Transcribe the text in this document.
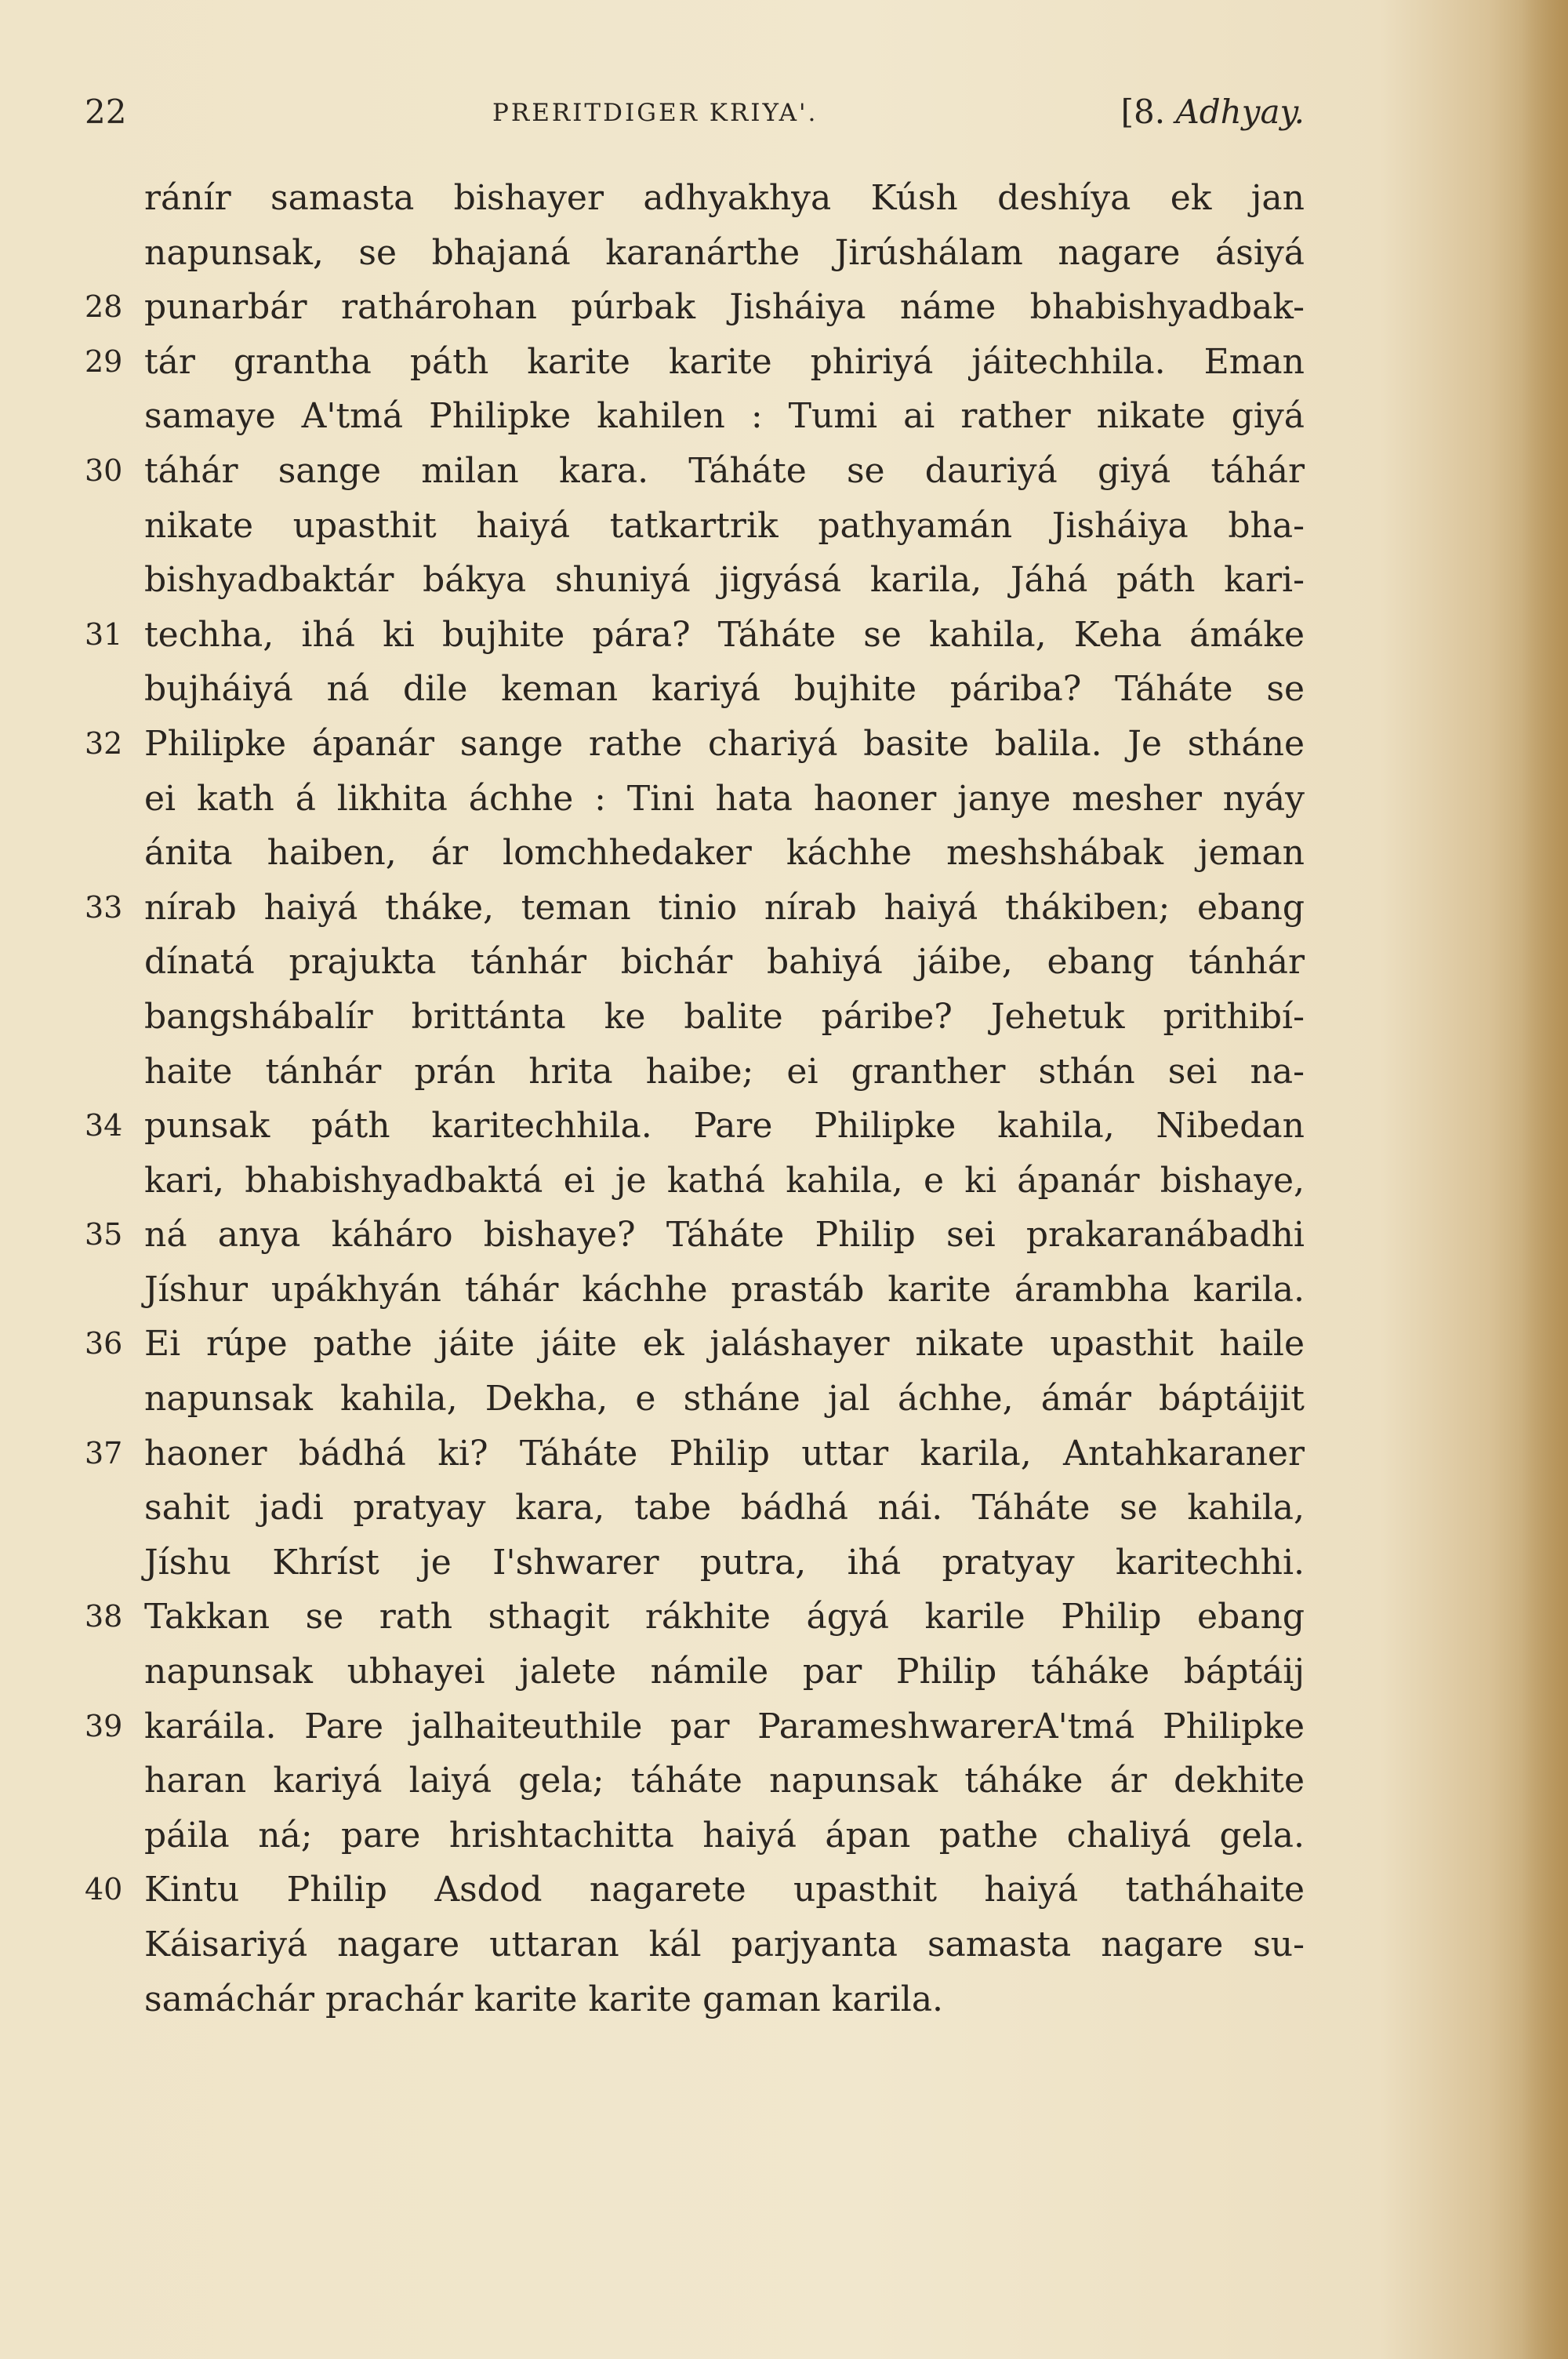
22	PRERITDIGER KRIYA'.	[8. Adhyay.
ránír samasta bishayer adhyakhya Kúsh deshíya ek jan
napunsak, se bhajaná karanárthe Jirúshálam nagare ásiyá
28 punarbár rathárohan púrbak Jisháiya náme bhabishyadbak-
29 tár grantha páth karite karite phiriyá jáitechhila. Eman
samaye A'tmá Philipke kahilen : Tumi ai rather nikate giyá
30 táhár sange milan kara. Táháte se dauriyá giyá táhár
nikate upasthit haiyá tatkartrik pathyamán Jisháiya bha-
bishyadbaktár bákya shuniyá jigyásá karila, Jáhá páth kari-
31 techha, ihá ki bujhite pára? Táháte se kahila, Keha ámáke
bujháiyá ná dile keman kariyá bujhite páriba? Táháte se
32 Philipke ápanár sange rathe chariyá basite balila. Je stháne
ei kath á likhita áchhe : Tini hata haoner janye mesher nyáy
ánita haiben, ár lomchhedaker káchhe meshshábak jeman
33 nírab haiyá tháke, teman tinio nírab haiyá thákiben; ebang
dínatá prajukta tánhár bichár bahiyá jáibe, ebang tánhár
bangshábalír brittánta ke balite páribe? Jehetuk prithibí-
haite tánhár prán hrita haibe; ei granther sthán sei na-
34 punsak páth karitechhila. Pare Philipke kahila, Nibedan
kari, bhabishyadbaktá ei je kathá kahila, e ki ápanár bishaye,
35 ná anya káháro bishaye? Táháte Philip sei prakaranábadhi
Jíshur upákhyán táhár káchhe prastáb karite árambha karila.
36 Ei rúpe pathe jáite jáite ek jaláshayer nikate upasthit haile
napunsak kahila, Dekha, e stháne jal áchhe, ámár báptáijit
37 haoner bádhá ki? Táháte Philip uttar karila, Antahkaraner
sahit jadi pratyay kara, tabe bádhá nái. Táháte se kahila,
Jíshu Khríst je I'shwarer putra, ihá pratyay karitechhi.
38 Takkan se rath sthagit rákhite ágyá karile Philip ebang
napunsak ubhayei jalete námile par Philip táháke báptáij
39 karáila. Pare jalhaiteuthile par ParameshwarerA'tmá Philipke
haran kariyá laiyá gela; táháte napunsak táháke ár dekhite
páila ná; pare hrishtachitta haiyá ápan pathe chaliyá gela.
40 Kintu Philip Asdod nagarete upasthit haiyá tatháhaite
Káisariyá nagare uttaran kál parjyanta samasta nagare su-
samáchár prachár karite karite gaman karila.
